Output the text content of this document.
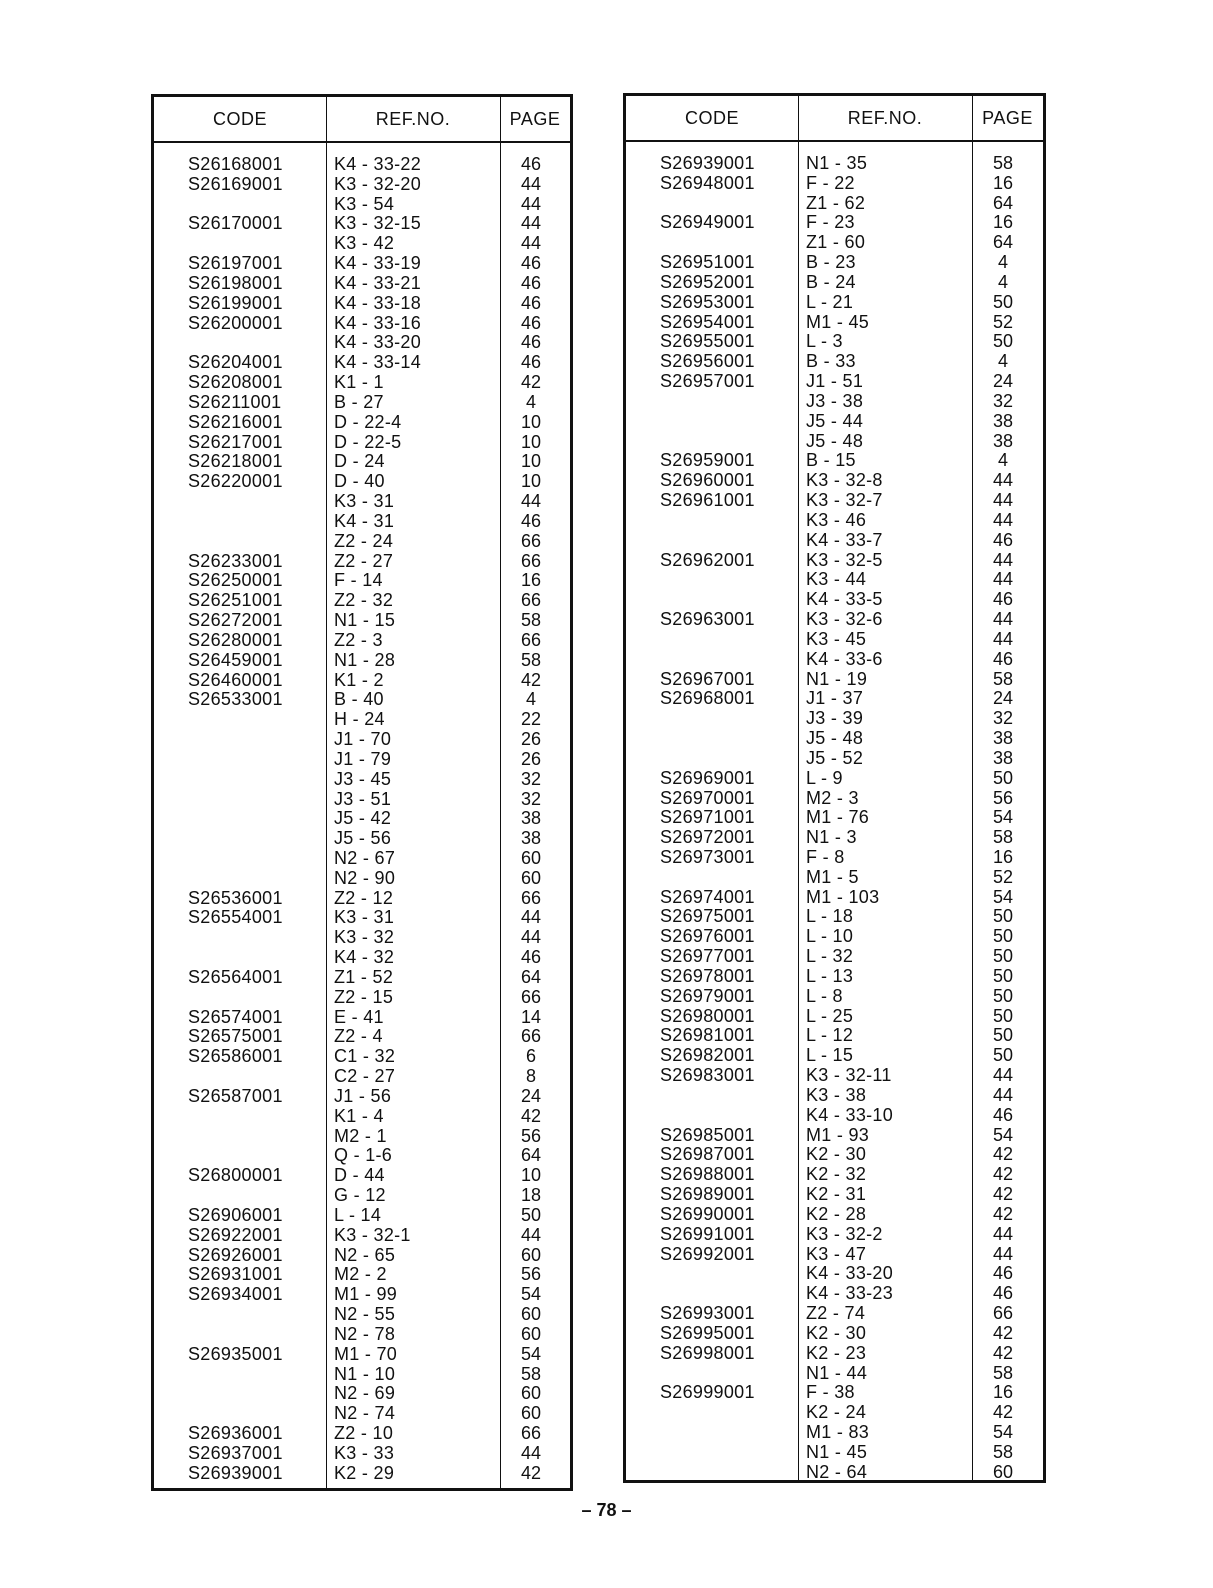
CODE	REF.NO.	PAGE
S26168001	K4 - 33-22	46
S26169001	K3 - 32-20	44
K3 - 54	44
S26170001	K3 - 32-15	44
K3 - 42	44
S26197001	K4 - 33-19	46
S26198001	K4 - 33-21	46
S26199001	K4 - 33-18	46
S26200001	K4 - 33-16	46
K4 - 33-20	46
S26204001	K4 - 33-14	46
S26208001	K1 - 1	42
S26211001	B - 27	4
S26216001	D - 22-4	10
S26217001	D - 22-5	10
S26218001	D - 24	10
S26220001	D - 40	10
K3 - 31	44
K4 - 31	46
Z2 - 24	66
S26233001	Z2 - 27	66
S26250001	F - 14	16
S26251001	Z2 - 32	66
S26272001	N1 - 15	58
S26280001	Z2 - 3	66
S26459001	N1 - 28	58
S26460001	K1 - 2	42
S26533001	B - 40	4
H - 24	22
J1 - 70	26
J1 - 79	26
J3 - 45	32
J3 - 51	32
J5 - 42	38
J5 - 56	38
N2 - 67	60
N2 - 90	60
S26536001	Z2 - 12	66
S26554001	K3 - 31	44
K3 - 32	44
K4 - 32	46
S26564001	Z1 - 52	64
Z2 - 15	66
S26574001	E - 41	14
S26575001	Z2 - 4	66
S26586001	C1 - 32	6
C2 - 27	8
S26587001	J1 - 56	24
K1 - 4	42
M2 - 1	56
Q - 1-6	64
S26800001	D - 44	10
G - 12	18
S26906001	L - 14	50
S26922001	K3 - 32-1	44
S26926001	N2 - 65	60
S26931001	M2 - 2	56
S26934001	M1 - 99	54
N2 - 55	60
N2 - 78	60
S26935001	M1 - 70	54
N1 - 10	58
N2 - 69	60
N2 - 74	60
S26936001	Z2 - 10	66
S26937001	K3 - 33	44
S26939001	K2 - 29	42
CODE	REF.NO.	PAGE
S26939001	N1 - 35	58
S26948001	F - 22	16
Z1 - 62	64
S26949001	F - 23	16
Z1 - 60	64
S26951001	B - 23	4
S26952001	B - 24	4
S26953001	L - 21	50
S26954001	M1 - 45	52
S26955001	L - 3	50
S26956001	B - 33	4
S26957001	J1 - 51	24
J3 - 38	32
J5 - 44	38
J5 - 48	38
S26959001	B - 15	4
S26960001	K3 - 32-8	44
S26961001	K3 - 32-7	44
K3 - 46	44
K4 - 33-7	46
S26962001	K3 - 32-5	44
K3 - 44	44
K4 - 33-5	46
S26963001	K3 - 32-6	44
K3 - 45	44
K4 - 33-6	46
S26967001	N1 - 19	58
S26968001	J1 - 37	24
J3 - 39	32
J5 - 48	38
J5 - 52	38
S26969001	L - 9	50
S26970001	M2 - 3	56
S26971001	M1 - 76	54
S26972001	N1 - 3	58
S26973001	F - 8	16
M1 - 5	52
S26974001	M1 - 103	54
S26975001	L - 18	50
S26976001	L - 10	50
S26977001	L - 32	50
S26978001	L - 13	50
S26979001	L - 8	50
S26980001	L - 25	50
S26981001	L - 12	50
S26982001	L - 15	50
S26983001	K3 - 32-11	44
K3 - 38	44
K4 - 33-10	46
S26985001	M1 - 93	54
S26987001	K2 - 30	42
S26988001	K2 - 32	42
S26989001	K2 - 31	42
S26990001	K2 - 28	42
S26991001	K3 - 32-2	44
S26992001	K3 - 47	44
K4 - 33-20	46
K4 - 33-23	46
S26993001	Z2 - 74	66
S26995001	K2 - 30	42
S26998001	K2 - 23	42
N1 - 44	58
S26999001	F - 38	16
K2 - 24	42
M1 - 83	54
N1 - 45	58
N2 - 64	60
– 78 –
